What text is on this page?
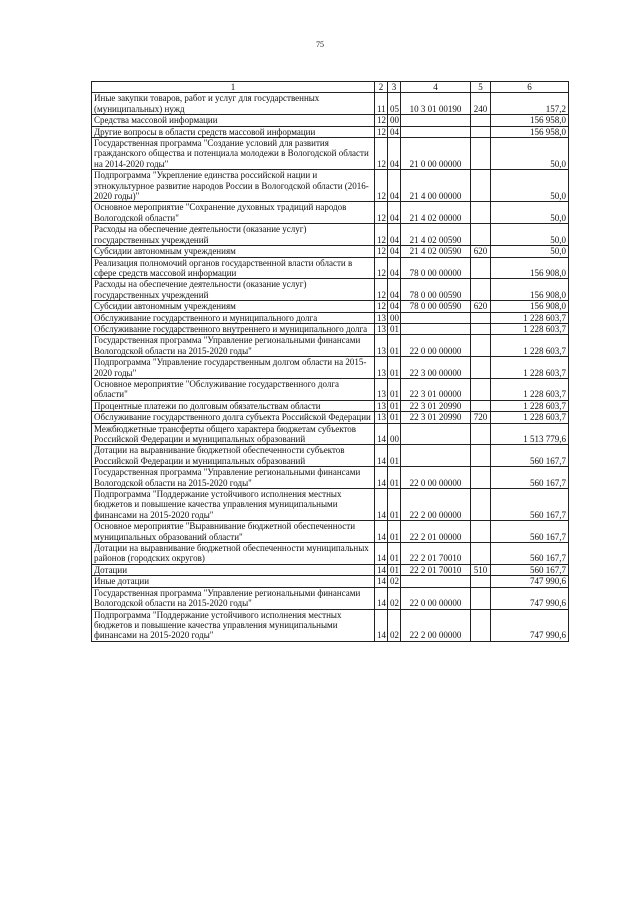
75
1	2	3	4	5	6
Иные закупки товаров, работ и услуг для государственных (муниципальных) нужд	11	05	10 3 01 00190	240	157,2
Средства массовой информации	12	00			156 958,0
Другие вопросы в области средств массовой информации	12	04			156 958,0
Государственная программа "Создание условий для развития гражданского общества и потенциала молодежи в Вологодской области на 2014-2020 годы"	12	04	21 0 00 00000		50,0
Подпрограмма "Укрепление единства российской нации и этнокультурное развитие народов России в Вологодской области (2016-2020 годы)"	12	04	21 4 00 00000		50,0
Основное мероприятие "Сохранение духовных традиций народов Вологодской области"	12	04	21 4 02 00000		50,0
Расходы на обеспечение деятельности (оказание услуг) государственных учреждений	12	04	21 4 02 00590		50,0
Субсидии автономным учреждениям	12	04	21 4 02 00590	620	50,0
Реализация полномочий органов государственной власти области в сфере средств массовой информации	12	04	78 0 00 00000		156 908,0
Расходы на обеспечение деятельности (оказание услуг) государственных учреждений	12	04	78 0 00 00590		156 908,0
Субсидии автономным учреждениям	12	04	78 0 00 00590	620	156 908,0
Обслуживание государственного и муниципального долга	13	00			1 228 603,7
Обслуживание государственного внутреннего и муниципального долга	13	01			1 228 603,7
Государственная программа "Управление региональными финансами Вологодской области на 2015-2020 годы"	13	01	22 0 00 00000		1 228 603,7
Подпрограмма "Управление государственным долгом области на 2015-2020 годы"	13	01	22 3 00 00000		1 228 603,7
Основное мероприятие "Обслуживание государственного долга области"	13	01	22 3 01 00000		1 228 603,7
Процентные платежи по долговым обязательствам области	13	01	22 3 01 20990		1 228 603,7
Обслуживание государственного долга субъекта Российской Федерации	13	01	22 3 01 20990	720	1 228 603,7
Межбюджетные трансферты общего характера бюджетам субъектов Российской Федерации и муниципальных образований	14	00			1 513 779,6
Дотации на выравнивание бюджетной обеспеченности субъектов Российской Федерации и муниципальных образований	14	01			560 167,7
Государственная программа "Управление региональными финансами Вологодской области на 2015-2020 годы"	14	01	22 0 00 00000		560 167,7
Подпрограмма "Поддержание устойчивого исполнения местных бюджетов и повышение качества управления муниципальными финансами на 2015-2020 годы"	14	01	22 2 00 00000		560 167,7
Основное мероприятие "Выравнивание бюджетной обеспеченности муниципальных образований области"	14	01	22 2 01 00000		560 167,7
Дотации на выравнивание бюджетной обеспеченности муниципальных районов (городских округов)	14	01	22 2 01 70010		560 167,7
Дотации	14	01	22 2 01 70010	510	560 167,7
Иные дотации	14	02			747 990,6
Государственная программа "Управление региональными финансами Вологодской области на 2015-2020 годы"	14	02	22 0 00 00000		747 990,6
Подпрограмма "Поддержание устойчивого исполнения местных бюджетов и повышение качества управления муниципальными финансами на 2015-2020 годы"	14	02	22 2 00 00000		747 990,6
